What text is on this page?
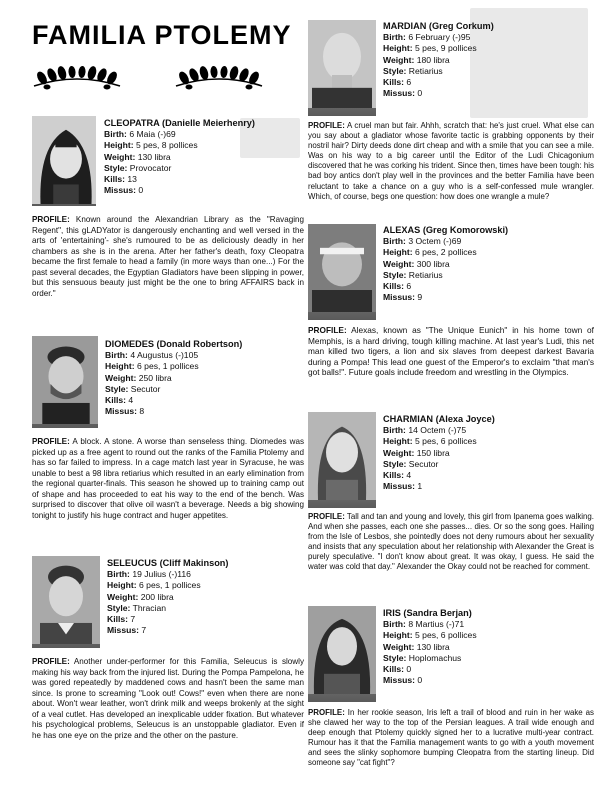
FAMILIA PTOLEMY
CLEOPATRA (Danielle Meierhenry)
Birth: 6 Maia (-)69
Height: 5 pes, 8 pollices
Weight: 130 libra
Style: Provocator
Kills: 13
Missus: 0

PROFILE: Known around the Alexandrian Library as the "Ravaging Regent", this gLADYator is dangerously enchanting and well versed in the arts of 'entertaining'- she's rumoured to be as deliciously deadly in her chambers as she is in the arena. After her father's death, foxy Cleopatra became the first female to head a family (in more ways than one...) For the past several decades, the Egyptian Gladiators have been slipping in power, but this sensuous beauty just might be the one to bring AFFAIRS back in order."

DIOMEDES (Donald Robertson)
Birth: 4 Augustus (-)105
Height: 6 pes, 1 pollices
Weight: 250 libra
Style: Secutor
Kills: 4
Missus: 8

PROFILE: A block. A stone. A worse than senseless thing. Diomedes was picked up as a free agent to round out the ranks of the Familia Ptolemy and has so far failed to impress. In a cage match last year in Syracuse, he was unable to best a 98 libra retiarius which resulted in an early elimination from the regional quarter-finals. This season he showed up to training camp out of shape and has proceeded to eat his way to the end of the bench. Was surprised to discover that olive oil wasn't a beverage. Needs a big showing tonight to justify his huge contract and huger appetites.

SELEUCUS (Cliff Makinson)
Birth: 19 Julius (-)116
Height: 6 pes, 1 pollices
Weight: 200 libra
Style: Thracian
Kills: 7
Missus: 7

PROFILE: Another under-performer for this Familia, Seleucus is slowly making his way back from the injured list. During the Pompa Pampelona, he was gored repeatedly by maddened cows and hasn't been the same man since. Is prone to screaming "Look out! Cows!" even when there are none about. Won't wear leather, won't drink milk and weeps brokenly at the sight of a veal cutlet. Has developed an inexplicable udder fixation. But whatever his psychological problems, Seleucus is an unstoppable gladiator. Even if he has one eye on the prize and the other on the pasture.

MARDIAN (Greg Corkum)
Birth: 6 February (-)95
Height: 5 pes, 9 pollices
Weight: 180 libra
Style: Retiarius
Kills: 6
Missus: 0

PROFILE: A cruel man but fair. Ahhh, scratch that: he's just cruel. What else can you say about a gladiator whose favorite tactic is grabbing opponents by their nostril hair? Dirty deeds done dirt cheap and with a smile that you can see a mile. Was on his way to a big career until the Editor of the Ludi Chicagonium discovered that he was corking his trident. Since then, times have been tough: his bad boy antics don't play well in the provinces and the better Familia have been reluctant to take a chance on a guy who is a self-confessed mule wrangler. Which, of course, begs one question: how does one wrangle a mule?

ALEXAS (Greg Komorowski)
Birth: 3 Octem (-)69
Height: 6 pes, 2 pollices
Weight: 300 libra
Style: Retiarius
Kills: 6
Missus: 9

PROFILE: Alexas, known as "The Unique Eunich" in his home town of Memphis, is a hard driving, tough killing machine. At last year's Ludi, this net man killed two tigers, a lion and six slaves from deepest darkest Bavaria during a Pompa! This lead one guest of the Emperor's to exclaim "that man's got balls!". Future goals include freedom and wrestling in the Olympics.

CHARMIAN (Alexa Joyce)
Birth: 14 Octem (-)75
Height: 5 pes, 6 pollices
Weight: 150 libra
Style: Secutor
Kills: 4
Missus: 1

PROFILE: Tall and tan and young and lovely, this girl from Ipanema goes walking. And when she passes, each one she passes... dies. Or so the song goes. Hailing from the Isle of Lesbos, she pointedly does not deny rumours about her sexuality and insists that any speculation about her relationship with Alexander the Great is purely speculative. "I don't know about great. It was okay, I guess. He said the water was cold that day." Alexander the Okay could not be reached for comment.

IRIS (Sandra Berjan)
Birth: 8 Martius (-)71
Height: 5 pes, 6 pollices
Weight: 130 libra
Style: Hoplomachus
Kills: 0
Missus: 0

PROFILE: In her rookie season, Iris left a trail of blood and ruin in her wake as she clawed her way to the top of the Persian leagues. A trail wide enough and deep enough that Ptolemy quickly signed her to a lucrative multi-year contract. Rumour has it that the Familia management wants to go with a youth movement and sees the slinky sophomore bumping Cleopatra from the starting lineup. Did someone say "cat fight"?
